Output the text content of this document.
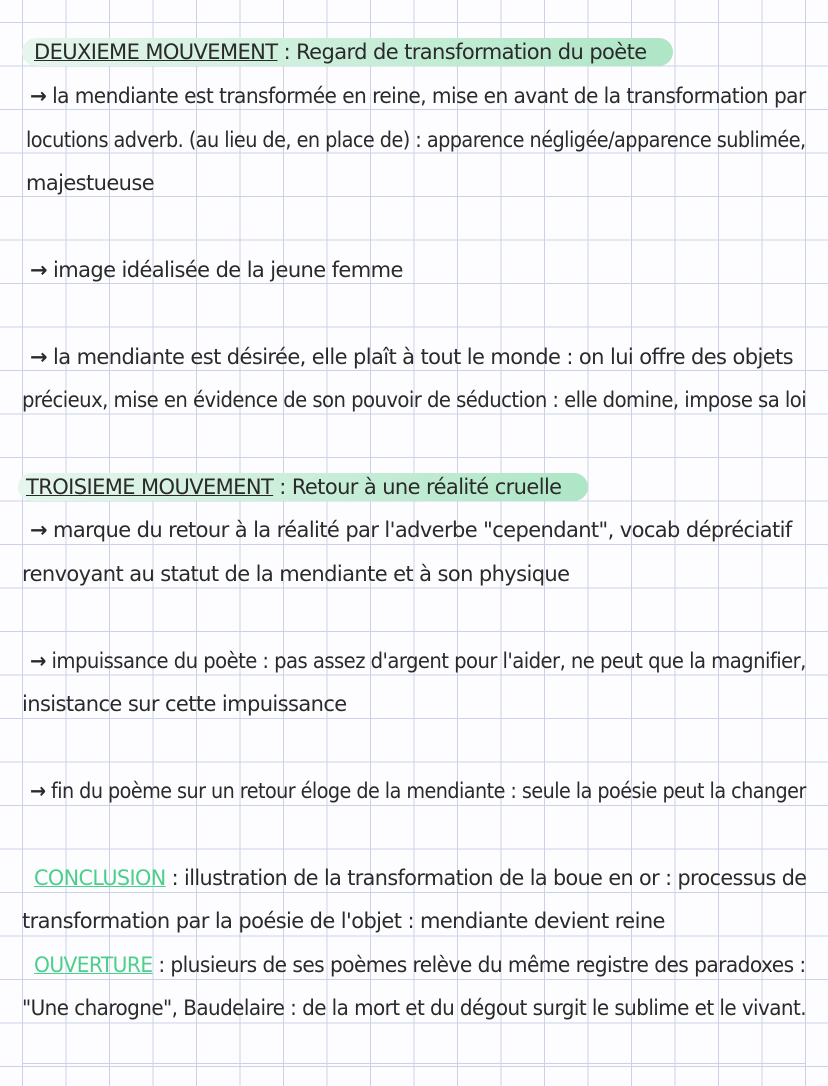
DEUXIEME MOUVEMENT : Regard de transformation du poète
→ la mendiante est transformée en reine, mise en avant de la transformation par
locutions adverb. (au lieu de, en place de) : apparence négligée/apparence sublimée,
majestueuse
→ image idéalisée de la jeune femme
→ la mendiante est désirée, elle plaît à tout le monde : on lui offre des objets
précieux, mise en évidence de son pouvoir de séduction : elle domine, impose sa loi
TROISIEME MOUVEMENT : Retour à une réalité cruelle
→ marque du retour à la réalité par l'adverbe "cependant", vocab dépréciatif
renvoyant au statut de la mendiante et à son physique
→ impuissance du poète : pas assez d'argent pour l'aider, ne peut que la magnifier,
insistance sur cette impuissance
→ fin du poème sur un retour éloge de la mendiante : seule la poésie peut la changer
CONCLUSION : illustration de la transformation de la boue en or : processus de
transformation par la poésie de l'objet : mendiante devient reine
OUVERTURE : plusieurs de ses poèmes relève du même registre des paradoxes :
"Une charogne", Baudelaire : de la mort et du dégout surgit le sublime et le vivant.
